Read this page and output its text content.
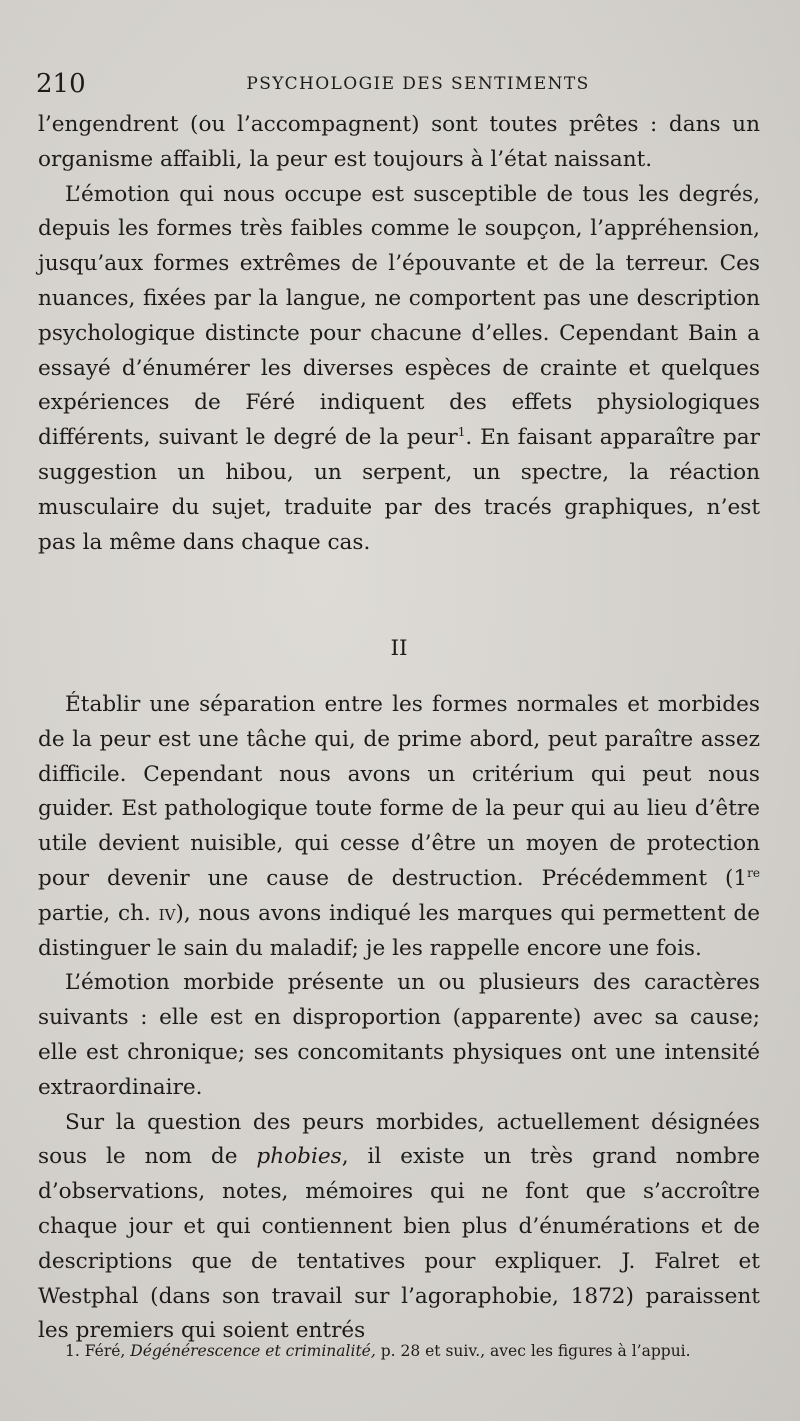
210	PSYCHOLOGIE DES SENTIMENTS

l’engendrent (ou l’accompagnent) sont toutes prêtes : dans un organisme affaibli, la peur est toujours à l’état naissant.

L’émotion qui nous occupe est susceptible de tous les degrés, depuis les formes très faibles comme le soupçon, l’appréhension, jusqu’aux formes extrêmes de l’épouvante et de la terreur. Ces nuances, fixées par la langue, ne comportent pas une description psychologique distincte pour chacune d’elles. Cependant Bain a essayé d’énumérer les diverses espèces de crainte et quelques expériences de Féré indiquent des effets physiologiques différents, suivant le degré de la peur$^1$. En faisant apparaître par suggestion un hibou, un serpent, un spectre, la réaction musculaire du sujet, traduite par des tracés graphiques, n’est pas la même dans chaque cas.

II

Établir une séparation entre les formes normales et morbides de la peur est une tâche qui, de prime abord, peut paraître assez difficile. Cependant nous avons un critérium qui peut nous guider. Est pathologique toute forme de la peur qui au lieu d’être utile devient nuisible, qui cesse d’être un moyen de protection pour devenir une cause de destruction. Précédemment (1re partie, ch. iv), nous avons indiqué les marques qui permettent de distinguer le sain du maladif; je les rappelle encore une fois.

L’émotion morbide présente un ou plusieurs des caractères suivants : elle est en disproportion (apparente) avec sa cause; elle est chronique; ses concomitants physiques ont une intensité extraordinaire.

Sur la question des peurs morbides, actuellement désignées sous le nom de phobies, il existe un très grand nombre d’observations, notes, mémoires qui ne font que s’accroître chaque jour et qui contiennent bien plus d’énumérations et de descriptions que de tentatives pour expliquer. J. Falret et Westphal (dans son travail sur l’agoraphobie, 1872) paraissent les premiers qui soient entrés

1. Féré, Dégénérescence et criminalité, p. 28 et suiv., avec les figures à l’appui.
